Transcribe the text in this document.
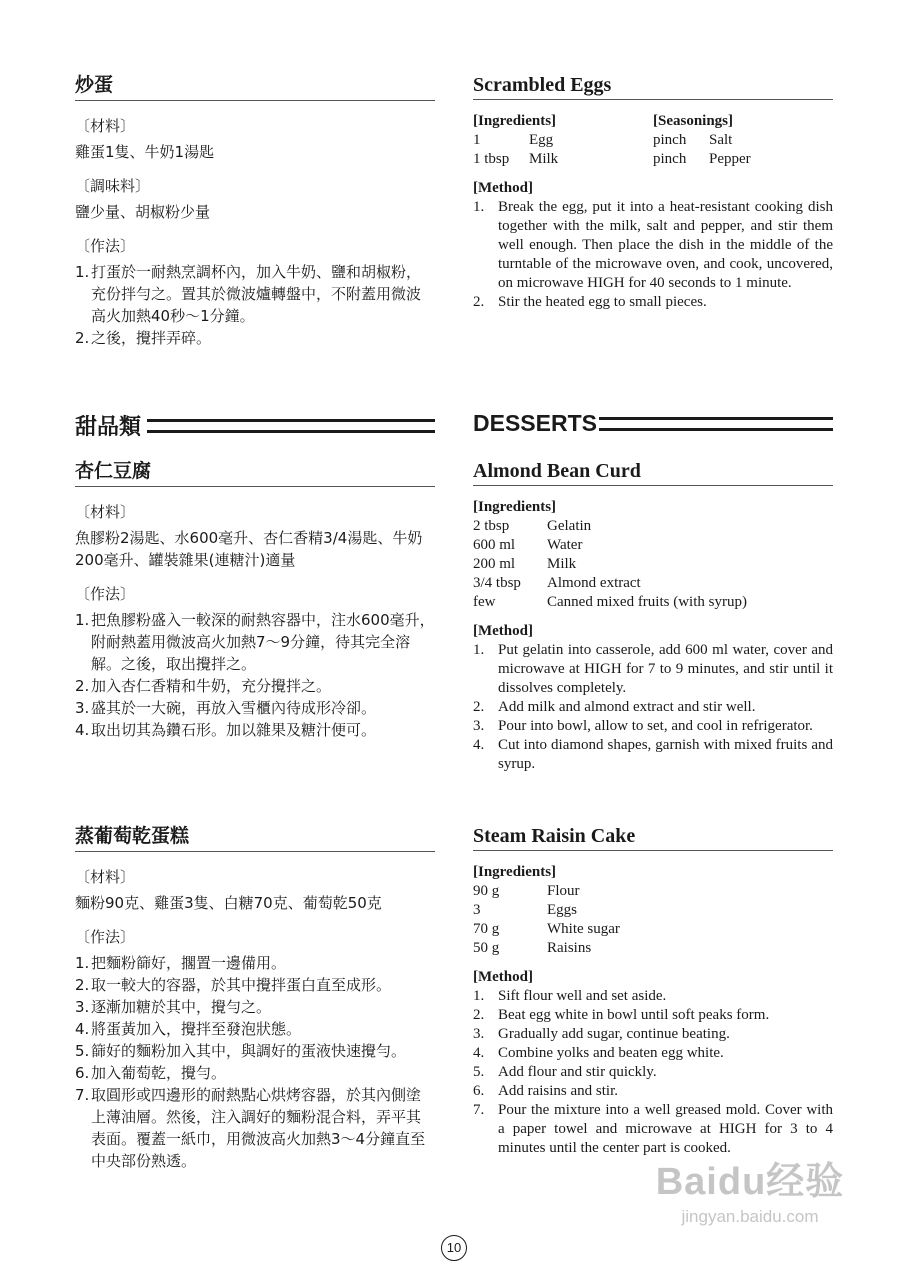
炒蛋
〔材料〕
雞蛋1隻、牛奶1湯匙
〔調味料〕
鹽少量、胡椒粉少量
〔作法〕
1. 打蛋於一耐熱烹調杯內，加入牛奶、鹽和胡椒粉，充份拌勻之。置其於微波爐轉盤中，不附蓋用微波高火加熱40秒～1分鐘。
2. 之後，攪拌弄碎。
Scrambled Eggs
[Ingredients]
1	Egg
1 tbsp	Milk
[Seasonings]
pinch	Salt
pinch	Pepper
[Method]
1. Break the egg, put it into a heat-resistant cooking dish together with the milk, salt and pepper, and stir them well enough. Then place the dish in the middle of the turntable of the microwave oven, and cook, uncovered, on microwave HIGH for 40 seconds to 1 minute.
2. Stir the heated egg to small pieces.
甜品類	DESSERTS
杏仁豆腐
〔材料〕
魚膠粉2湯匙、水600毫升、杏仁香精3/4湯匙、牛奶200毫升、罐裝雜果(連糖汁)適量
〔作法〕
1. 把魚膠粉盛入一較深的耐熱容器中，注水600毫升，附耐熱蓋用微波高火加熱7～9分鐘，待其完全溶解。之後，取出攪拌之。
2. 加入杏仁香精和牛奶，充分攪拌之。
3. 盛其於一大碗，再放入雪櫃內待成形冷卻。
4. 取出切其為鑽石形。加以雜果及糖汁便可。
Almond Bean Curd
[Ingredients]
2 tbsp	Gelatin
600 ml	Water
200 ml	Milk
3/4 tbsp	Almond extract
few	Canned mixed fruits (with syrup)
[Method]
1. Put gelatin into casserole, add 600 ml water, cover and microwave at HIGH for 7 to 9 minutes, and stir until it dissolves completely.
2. Add milk and almond extract and stir well.
3. Pour into bowl, allow to set, and cool in refrigerator.
4. Cut into diamond shapes, garnish with mixed fruits and syrup.
蒸葡萄乾蛋糕
〔材料〕
麵粉90克、雞蛋3隻、白糖70克、葡萄乾50克
〔作法〕
1. 把麵粉篩好，擱置一邊備用。
2. 取一較大的容器，於其中攪拌蛋白直至成形。
3. 逐漸加糖於其中，攪勻之。
4. 將蛋黃加入，攪拌至發泡狀態。
5. 篩好的麵粉加入其中，與調好的蛋液快速攪勻。
6. 加入葡萄乾，攪勻。
7. 取圓形或四邊形的耐熱點心烘烤容器，於其內側塗上薄油層。然後，注入調好的麵粉混合料，弄平其表面。覆蓋一紙巾，用微波高火加熱3～4分鐘直至中央部份熟透。
Steam Raisin Cake
[Ingredients]
90 g	Flour
3	Eggs
70 g	White sugar
50 g	Raisins
[Method]
1. Sift flour well and set aside.
2. Beat egg white in bowl until soft peaks form.
3. Gradually add sugar, continue beating.
4. Combine yolks and beaten egg white.
5. Add flour and stir quickly.
6. Add raisins and stir.
7. Pour the mixture into a well greased mold. Cover with a paper towel and microwave at HIGH for 3 to 4 minutes until the center part is cooked.
Baidu经验
jingyan.baidu.com
10
